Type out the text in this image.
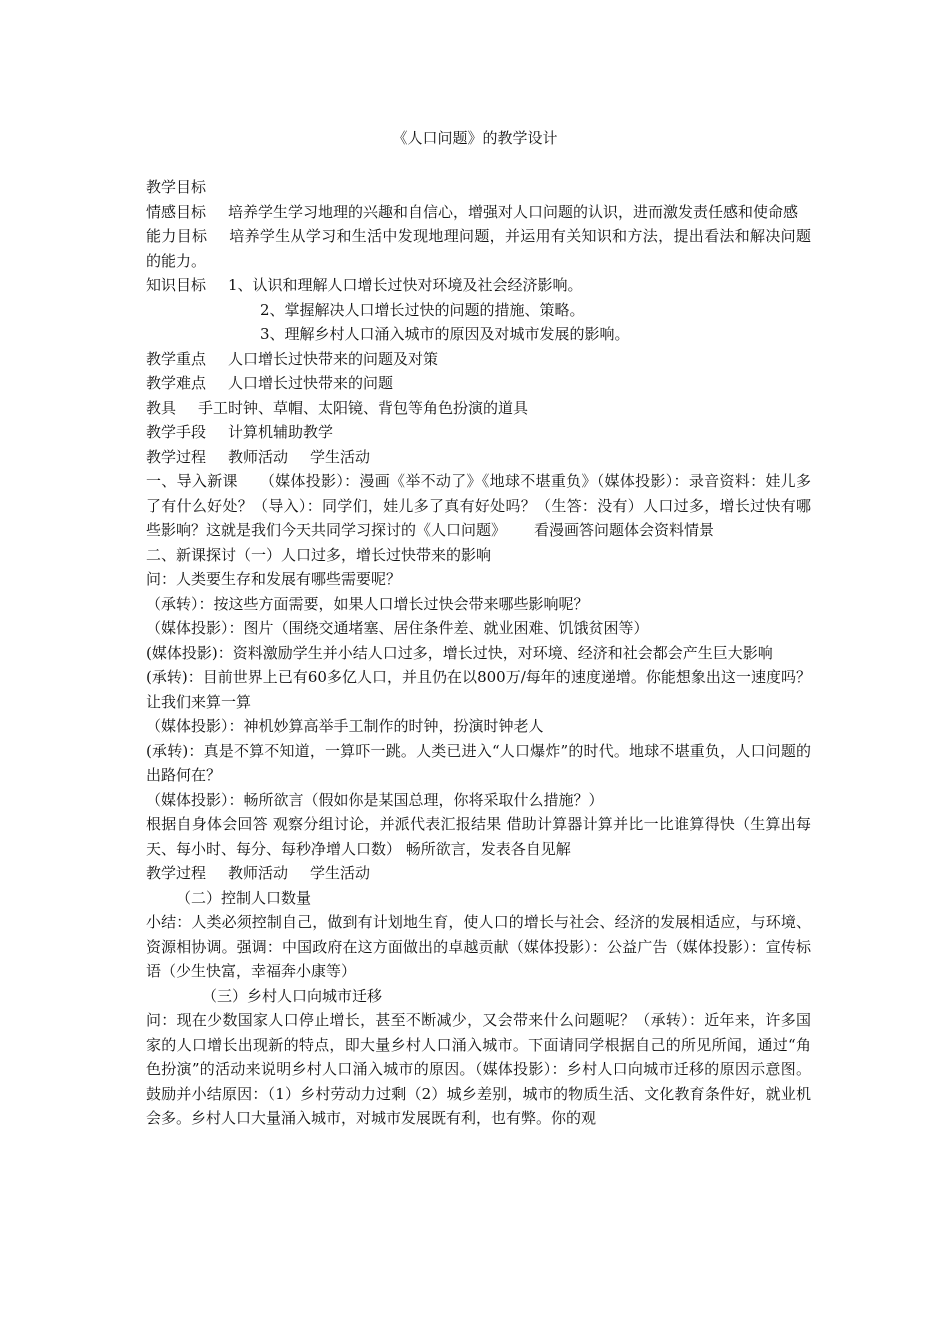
《人口问题》的教学设计

教学目标

情感目标 培养学生学习地理的兴趣和自信心，增强对人口问题的认识，进而激发责任感和使命感

能力目标 培养学生从学习和生活中发现地理问题，并运用有关知识和方法，提出看法和解决问题的能力。

知识目标 1、认识和理解人口增长过快对环境及社会经济影响。

2、掌握解决人口增长过快的问题的措施、策略。

3、理解乡村人口涌入城市的原因及对城市发展的影响。

教学重点 人口增长过快带来的问题及对策

教学难点 人口增长过快带来的问题

教具 手工时钟、草帽、太阳镜、背包等角色扮演的道具

教学手段 计算机辅助教学

教学过程 教师活动 学生活动

一、导入新课 （媒体投影）：漫画《举不动了》《地球不堪重负》（媒体投影）：录音资料：娃儿多了有什么好处？（导入）：同学们，娃儿多了真有好处吗？（生答：没有）人口过多，增长过快有哪些影响？这就是我们今天共同学习探讨的《人口问题》 看漫画答问题体会资料情景

二、新课探讨（一）人口过多，增长过快带来的影响

问：人类要生存和发展有哪些需要呢？

（承转）：按这些方面需要，如果人口增长过快会带来哪些影响呢？

（媒体投影）：图片（围绕交通堵塞、居住条件差、就业困难、饥饿贫困等）

(媒体投影)：资料激励学生并小结人口过多，增长过快，对环境、经济和社会都会产生巨大影响

(承转)：目前世界上已有60多亿人口，并且仍在以800万/每年的速度递增。你能想象出这一速度吗？让我们来算一算

（媒体投影）：神机妙算高举手工制作的时钟，扮演时钟老人

(承转)：真是不算不知道，一算吓一跳。人类已进入“人口爆炸”的时代。地球不堪重负，人口问题的出路何在？

（媒体投影）：畅所欲言（假如你是某国总理，你将采取什么措施？）

根据自身体会回答 观察分组讨论，并派代表汇报结果 借助计算器计算并比一比谁算得快（生算出每天、每小时、每分、每秒净增人口数） 畅所欲言，发表各自见解

教学过程 教师活动 学生活动

（二）控制人口数量

小结：人类必须控制自己，做到有计划地生育，使人口的增长与社会、经济的发展相适应，与环境、资源相协调。强调：中国政府在这方面做出的卓越贡献（媒体投影）：公益广告（媒体投影）：宣传标语（少生快富，幸福奔小康等）

（三）乡村人口向城市迁移

问：现在少数国家人口停止增长，甚至不断减少，又会带来什么问题呢？（承转）：近年来，许多国家的人口增长出现新的特点，即大量乡村人口涌入城市。下面请同学根据自己的所见所闻，通过“角色扮演”的活动来说明乡村人口涌入城市的原因。（媒体投影）：乡村人口向城市迁移的原因示意图。鼓励并小结原因：（1）乡村劳动力过剩（2）城乡差别，城市的物质生活、文化教育条件好，就业机会多。乡村人口大量涌入城市，对城市发展既有利，也有弊。你的观
